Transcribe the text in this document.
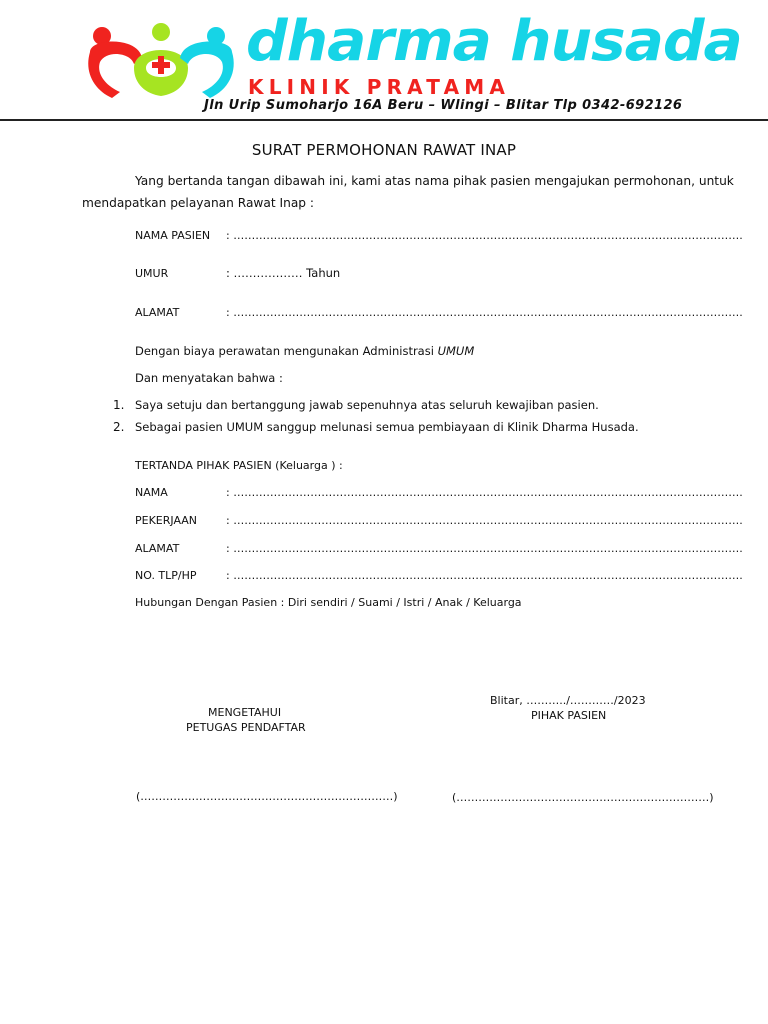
dharma husada
KLINIK PRATAMA
Jln Urip Sumoharjo 16A Beru – Wlingi – Blitar Tlp 0342-692126
SURAT PERMOHONAN RAWAT INAP
Yang bertanda tangan dibawah ini, kami atas nama pihak pasien mengajukan permohonan, untuk
mendapatkan pelayanan Rawat Inap :
NAMA PASIEN : ………………………………………………………………………………………………………………………….
UMUR	: ……………… Tahun
ALAMAT	: ………………………………………………………………………………………………………………………….
Dengan biaya perawatan mengunakan Administrasi UMUM
Dan menyatakan bahwa :
1. Saya setuju dan bertanggung jawab sepenuhnya atas seluruh kewajiban pasien.
2. Sebagai pasien UMUM sanggup melunasi semua pembiayaan di Klinik Dharma Husada.
TERTANDA PIHAK PASIEN (Keluarga ) :
NAMA	: ………………………………………………………………………………………………………………………….
PEKERJAAN	: ………………………………………………………………………………………………………………………….
ALAMAT	: ………………………………………………………………………………………………………………………….
NO. TLP/HP	: ………………………………………………………………………………………………………………………….
Hubungan Dengan Pasien : Diri sendiri / Suami / Istri / Anak / Keluarga
Blitar, ………../…………/2023
PIHAK PASIEN
MENGETAHUI
PETUGAS PENDAFTAR
(……………………………………………………………)	(……………………………………………………………)
